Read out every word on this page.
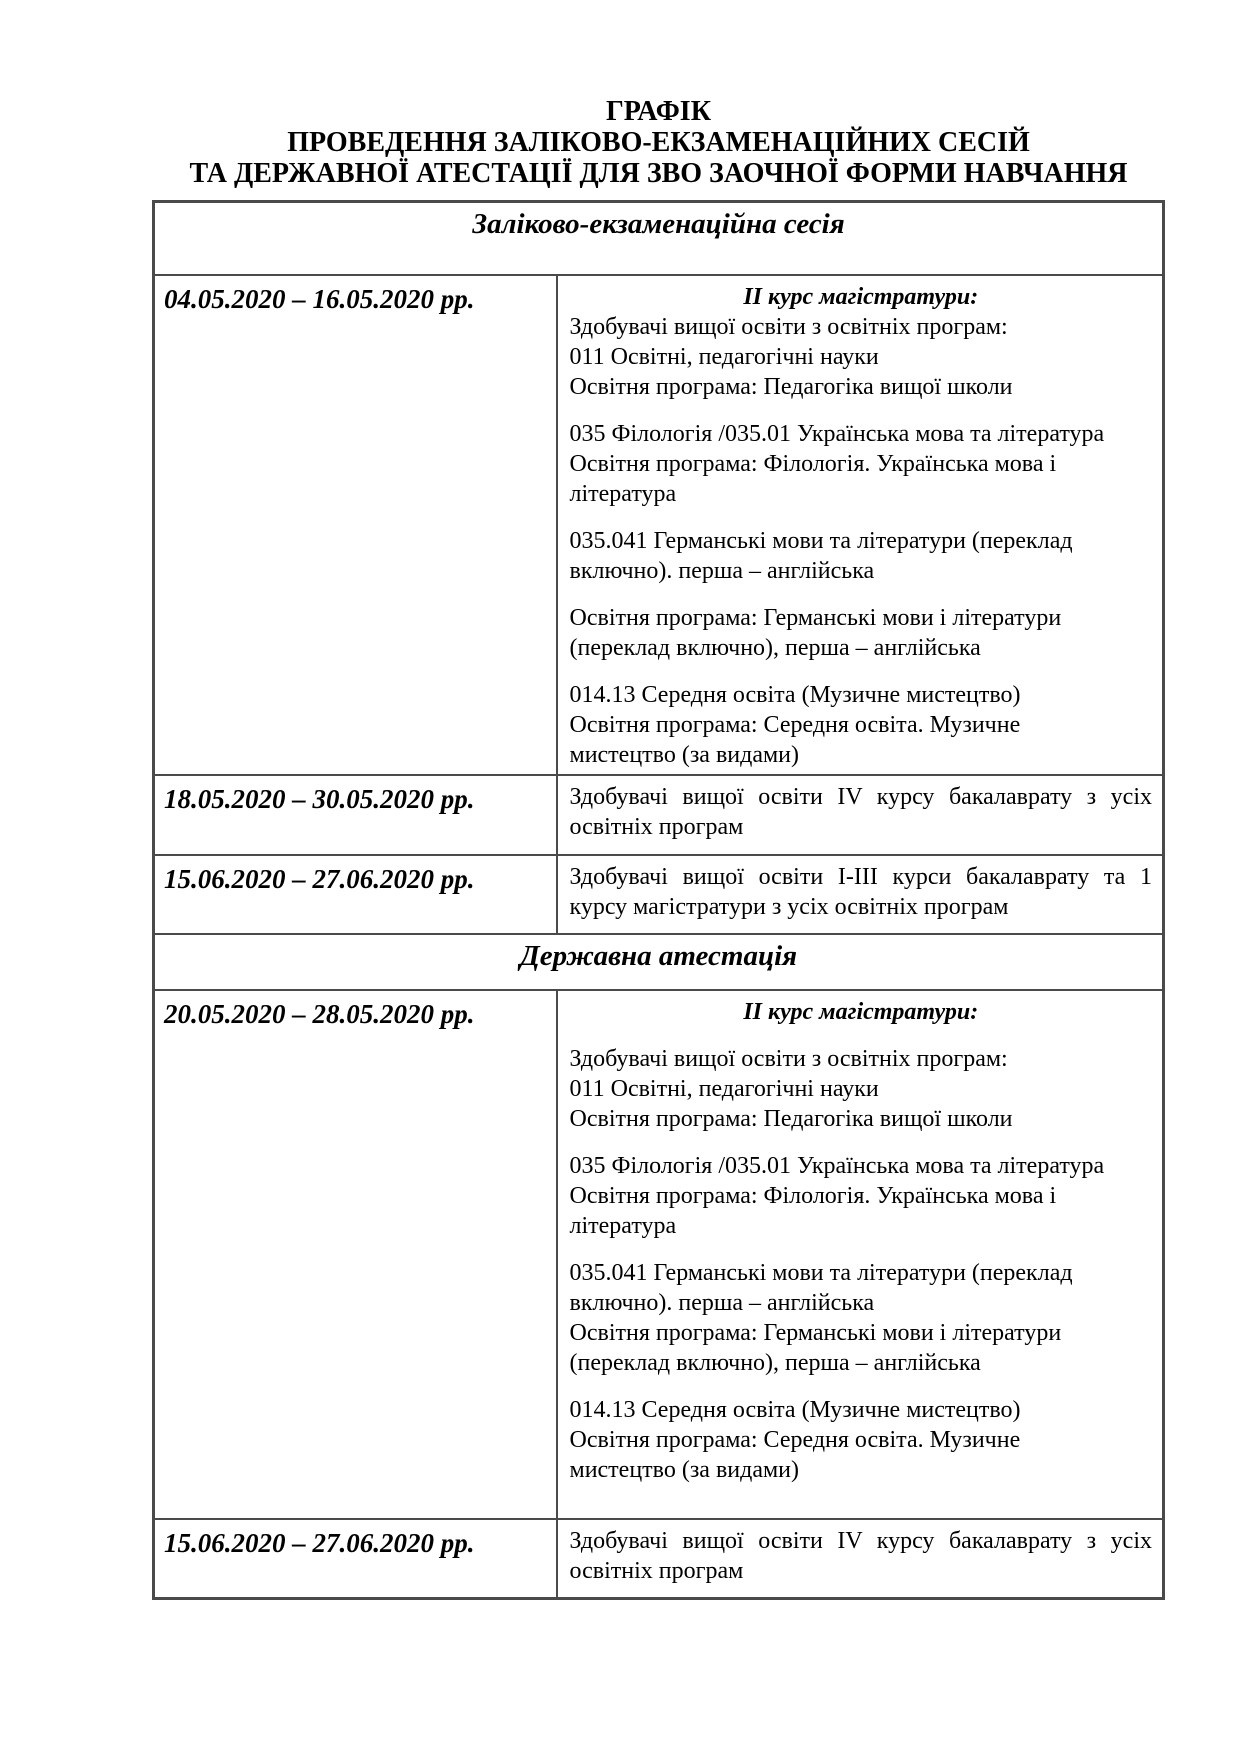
ГРАФІК
ПРОВЕДЕННЯ ЗАЛІКОВО-ЕКЗАМЕНАЦІЙНИХ СЕСІЙ
ТА ДЕРЖАВНОЇ АТЕСТАЦІЇ ДЛЯ ЗВО ЗАОЧНОЇ ФОРМИ НАВЧАННЯ
Заліково-екзаменаційна сесія	
04.05.2020 – 16.05.2020 рр.	ІІ курс магістратури:
Здобувачі вищої освіти з освітніх програм:
011 Освітні, педагогічні науки
Освітня програма: Педагогіка вищої школи
035 Філологія /035.01 Українська мова та література
Освітня програма: Філологія. Українська мова і
література
035.041 Германські мови та літератури (переклад
включно). перша – англійська
Освітня програма: Германські мови і літератури
(переклад включно), перша – англійська
014.13 Середня освіта (Музичне мистецтво)
Освітня програма: Середня освіта. Музичне
мистецтво (за видами)

18.05.2020 – 30.05.2020 рр.	Здобувачі вищої освіти ІV курсу бакалаврату з усіх освітніх програм

15.06.2020 – 27.06.2020 рр.	Здобувачі вищої освіти І-ІІІ курси бакалаврату та 1 курсу магістратури з усіх освітніх програм

Державна атестація	
20.05.2020 – 28.05.2020 рр.	ІІ курс магістратури:
Здобувачі вищої освіти з освітніх програм:
011 Освітні, педагогічні науки
Освітня програма: Педагогіка вищої школи
035 Філологія /035.01 Українська мова та література
Освітня програма: Філологія. Українська мова і
література
035.041 Германські мови та літератури (переклад
включно). перша – англійська
Освітня програма: Германські мови і літератури
(переклад включно), перша – англійська
014.13 Середня освіта (Музичне мистецтво)
Освітня програма: Середня освіта. Музичне
мистецтво (за видами)

15.06.2020 – 27.06.2020 рр.	Здобувачі вищої освіти ІV курсу бакалаврату з усіх освітніх програм
